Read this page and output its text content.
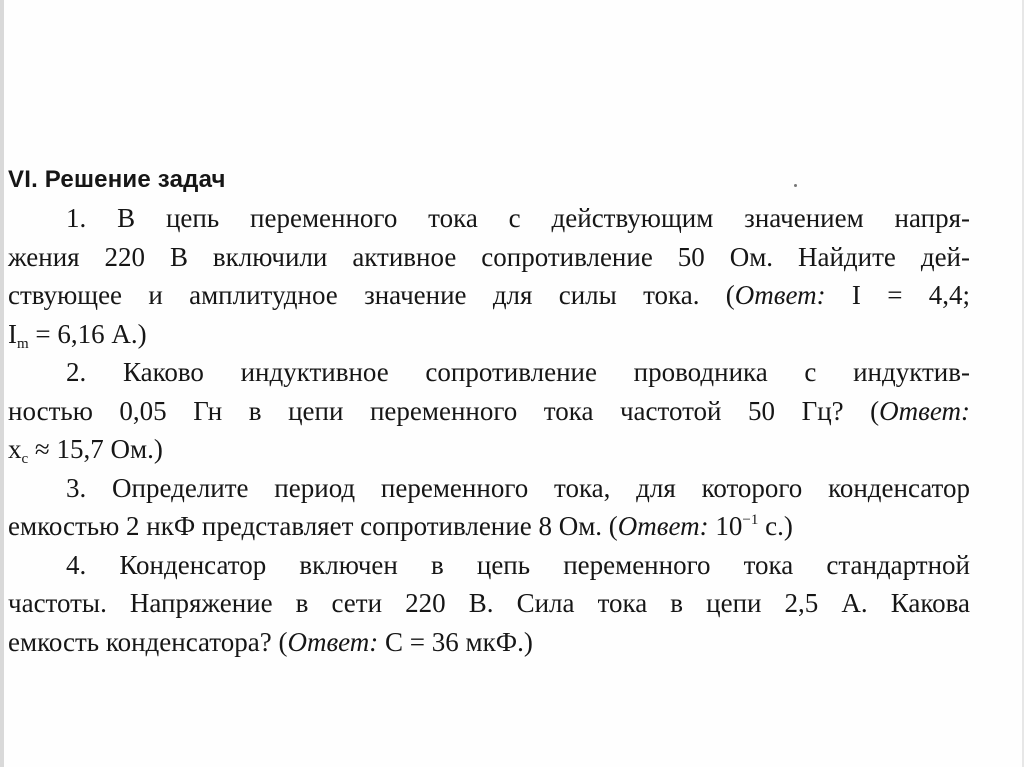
VI. Решение задач
1. В цепь переменного тока с действующим значением напря-
жения 220 В включили активное сопротивление 50 Ом. Найдите дей-
ствующее и амплитудное значение для силы тока. (Ответ: I = 4,4;
$I_m = 6,16$ А.)
2. Каково индуктивное сопротивление проводника с индуктив-
ностью 0,05 Гн в цепи переменного тока частотой 50 Гц? (Ответ:
$x_c \approx 15,7$ Ом.)
3. Определите период переменного тока, для которого конденсатор
емкостью 2 нкФ представляет сопротивление 8 Ом. (Ответ: $10^{-1}$ с.)
4. Конденсатор включен в цепь переменного тока стандартной
частоты. Напряжение в сети 220 В. Сила тока в цепи 2,5 А. Какова
емкость конденсатора? (Ответ: С = 36 мкФ.)
